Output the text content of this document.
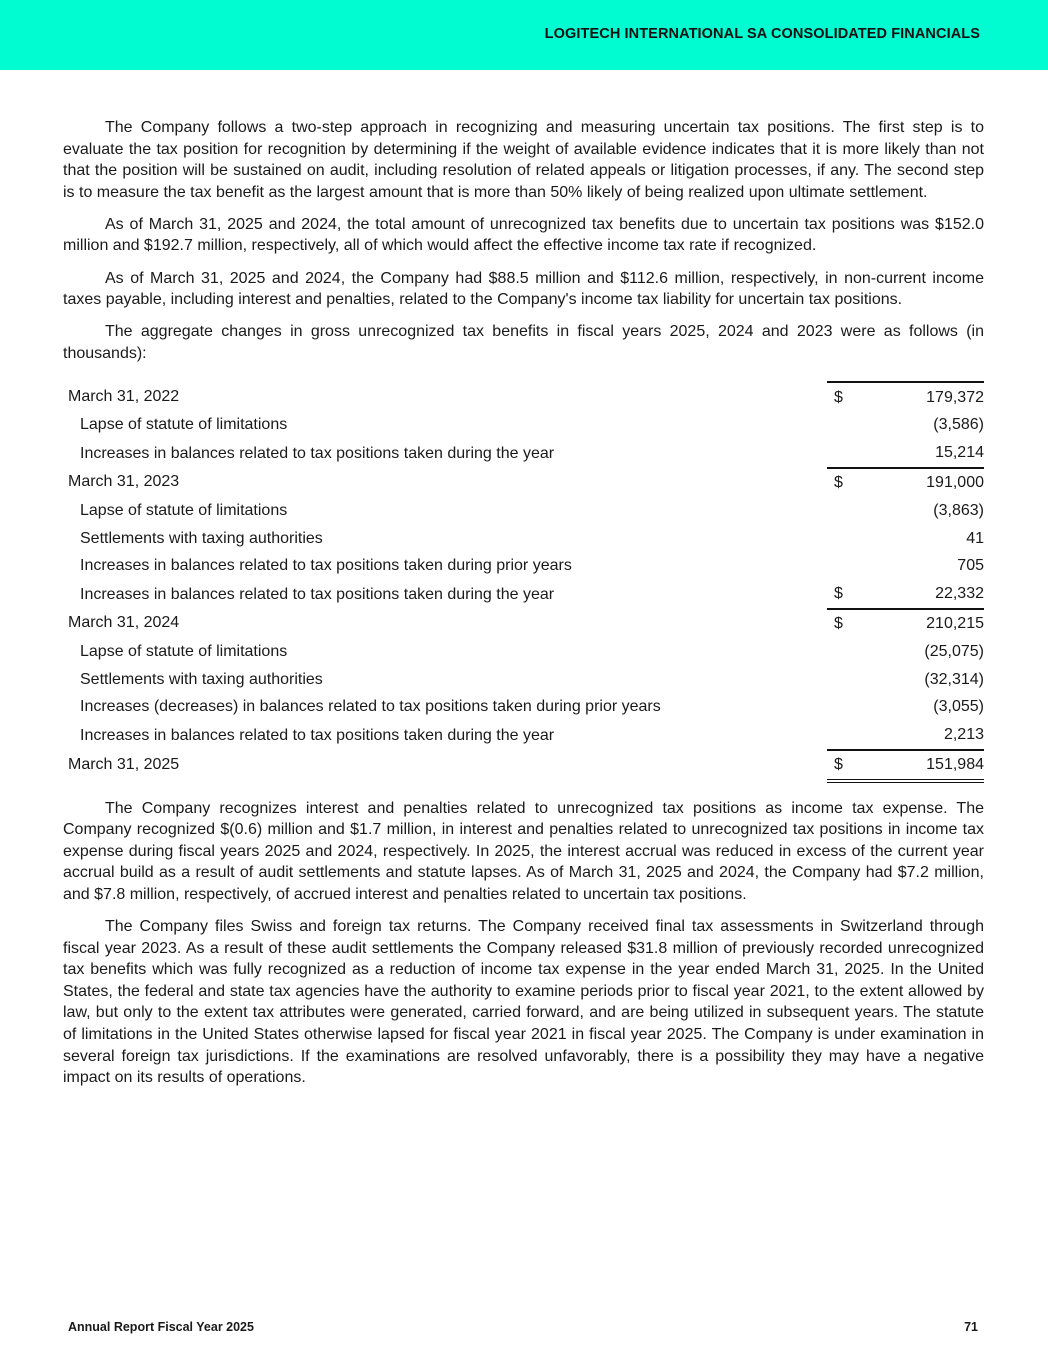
LOGITECH INTERNATIONAL SA CONSOLIDATED FINANCIALS

The Company follows a two-step approach in recognizing and measuring uncertain tax positions. The first step is to evaluate the tax position for recognition by determining if the weight of available evidence indicates that it is more likely than not that the position will be sustained on audit, including resolution of related appeals or litigation processes, if any. The second step is to measure the tax benefit as the largest amount that is more than 50% likely of being realized upon ultimate settlement.

As of March 31, 2025 and 2024, the total amount of unrecognized tax benefits due to uncertain tax positions was $152.0 million and $192.7 million, respectively, all of which would affect the effective income tax rate if recognized.

As of March 31, 2025 and 2024, the Company had $88.5 million and $112.6 million, respectively, in non-current income taxes payable, including interest and penalties, related to the Company's income tax liability for uncertain tax positions.

The aggregate changes in gross unrecognized tax benefits in fiscal years 2025, 2024 and 2023 were as follows (in thousands):

March 31, 2022	$	179,372
Lapse of statute of limitations		(3,586)
Increases in balances related to tax positions taken during the year		15,214
March 31, 2023	$	191,000
Lapse of statute of limitations		(3,863)
Settlements with taxing authorities		41
Increases in balances related to tax positions taken during prior years		705
Increases in balances related to tax positions taken during the year	$	22,332
March 31, 2024	$	210,215
Lapse of statute of limitations		(25,075)
Settlements with taxing authorities		(32,314)
Increases (decreases) in balances related to tax positions taken during prior years		(3,055)
Increases in balances related to tax positions taken during the year		2,213
March 31, 2025	$	151,984

The Company recognizes interest and penalties related to unrecognized tax positions as income tax expense. The Company recognized $(0.6) million and $1.7 million, in interest and penalties related to unrecognized tax positions in income tax expense during fiscal years 2025 and 2024, respectively. In 2025, the interest accrual was reduced in excess of the current year accrual build as a result of audit settlements and statute lapses. As of March 31, 2025 and 2024, the Company had $7.2 million, and $7.8 million, respectively, of accrued interest and penalties related to uncertain tax positions.

The Company files Swiss and foreign tax returns. The Company received final tax assessments in Switzerland through fiscal year 2023. As a result of these audit settlements the Company released $31.8 million of previously recorded unrecognized tax benefits which was fully recognized as a reduction of income tax expense in the year ended March 31, 2025. In the United States, the federal and state tax agencies have the authority to examine periods prior to fiscal year 2021, to the extent allowed by law, but only to the extent tax attributes were generated, carried forward, and are being utilized in subsequent years. The statute of limitations in the United States otherwise lapsed for fiscal year 2021 in fiscal year 2025. The Company is under examination in several foreign tax jurisdictions. If the examinations are resolved unfavorably, there is a possibility they may have a negative impact on its results of operations.

Annual Report Fiscal Year 2025	71
